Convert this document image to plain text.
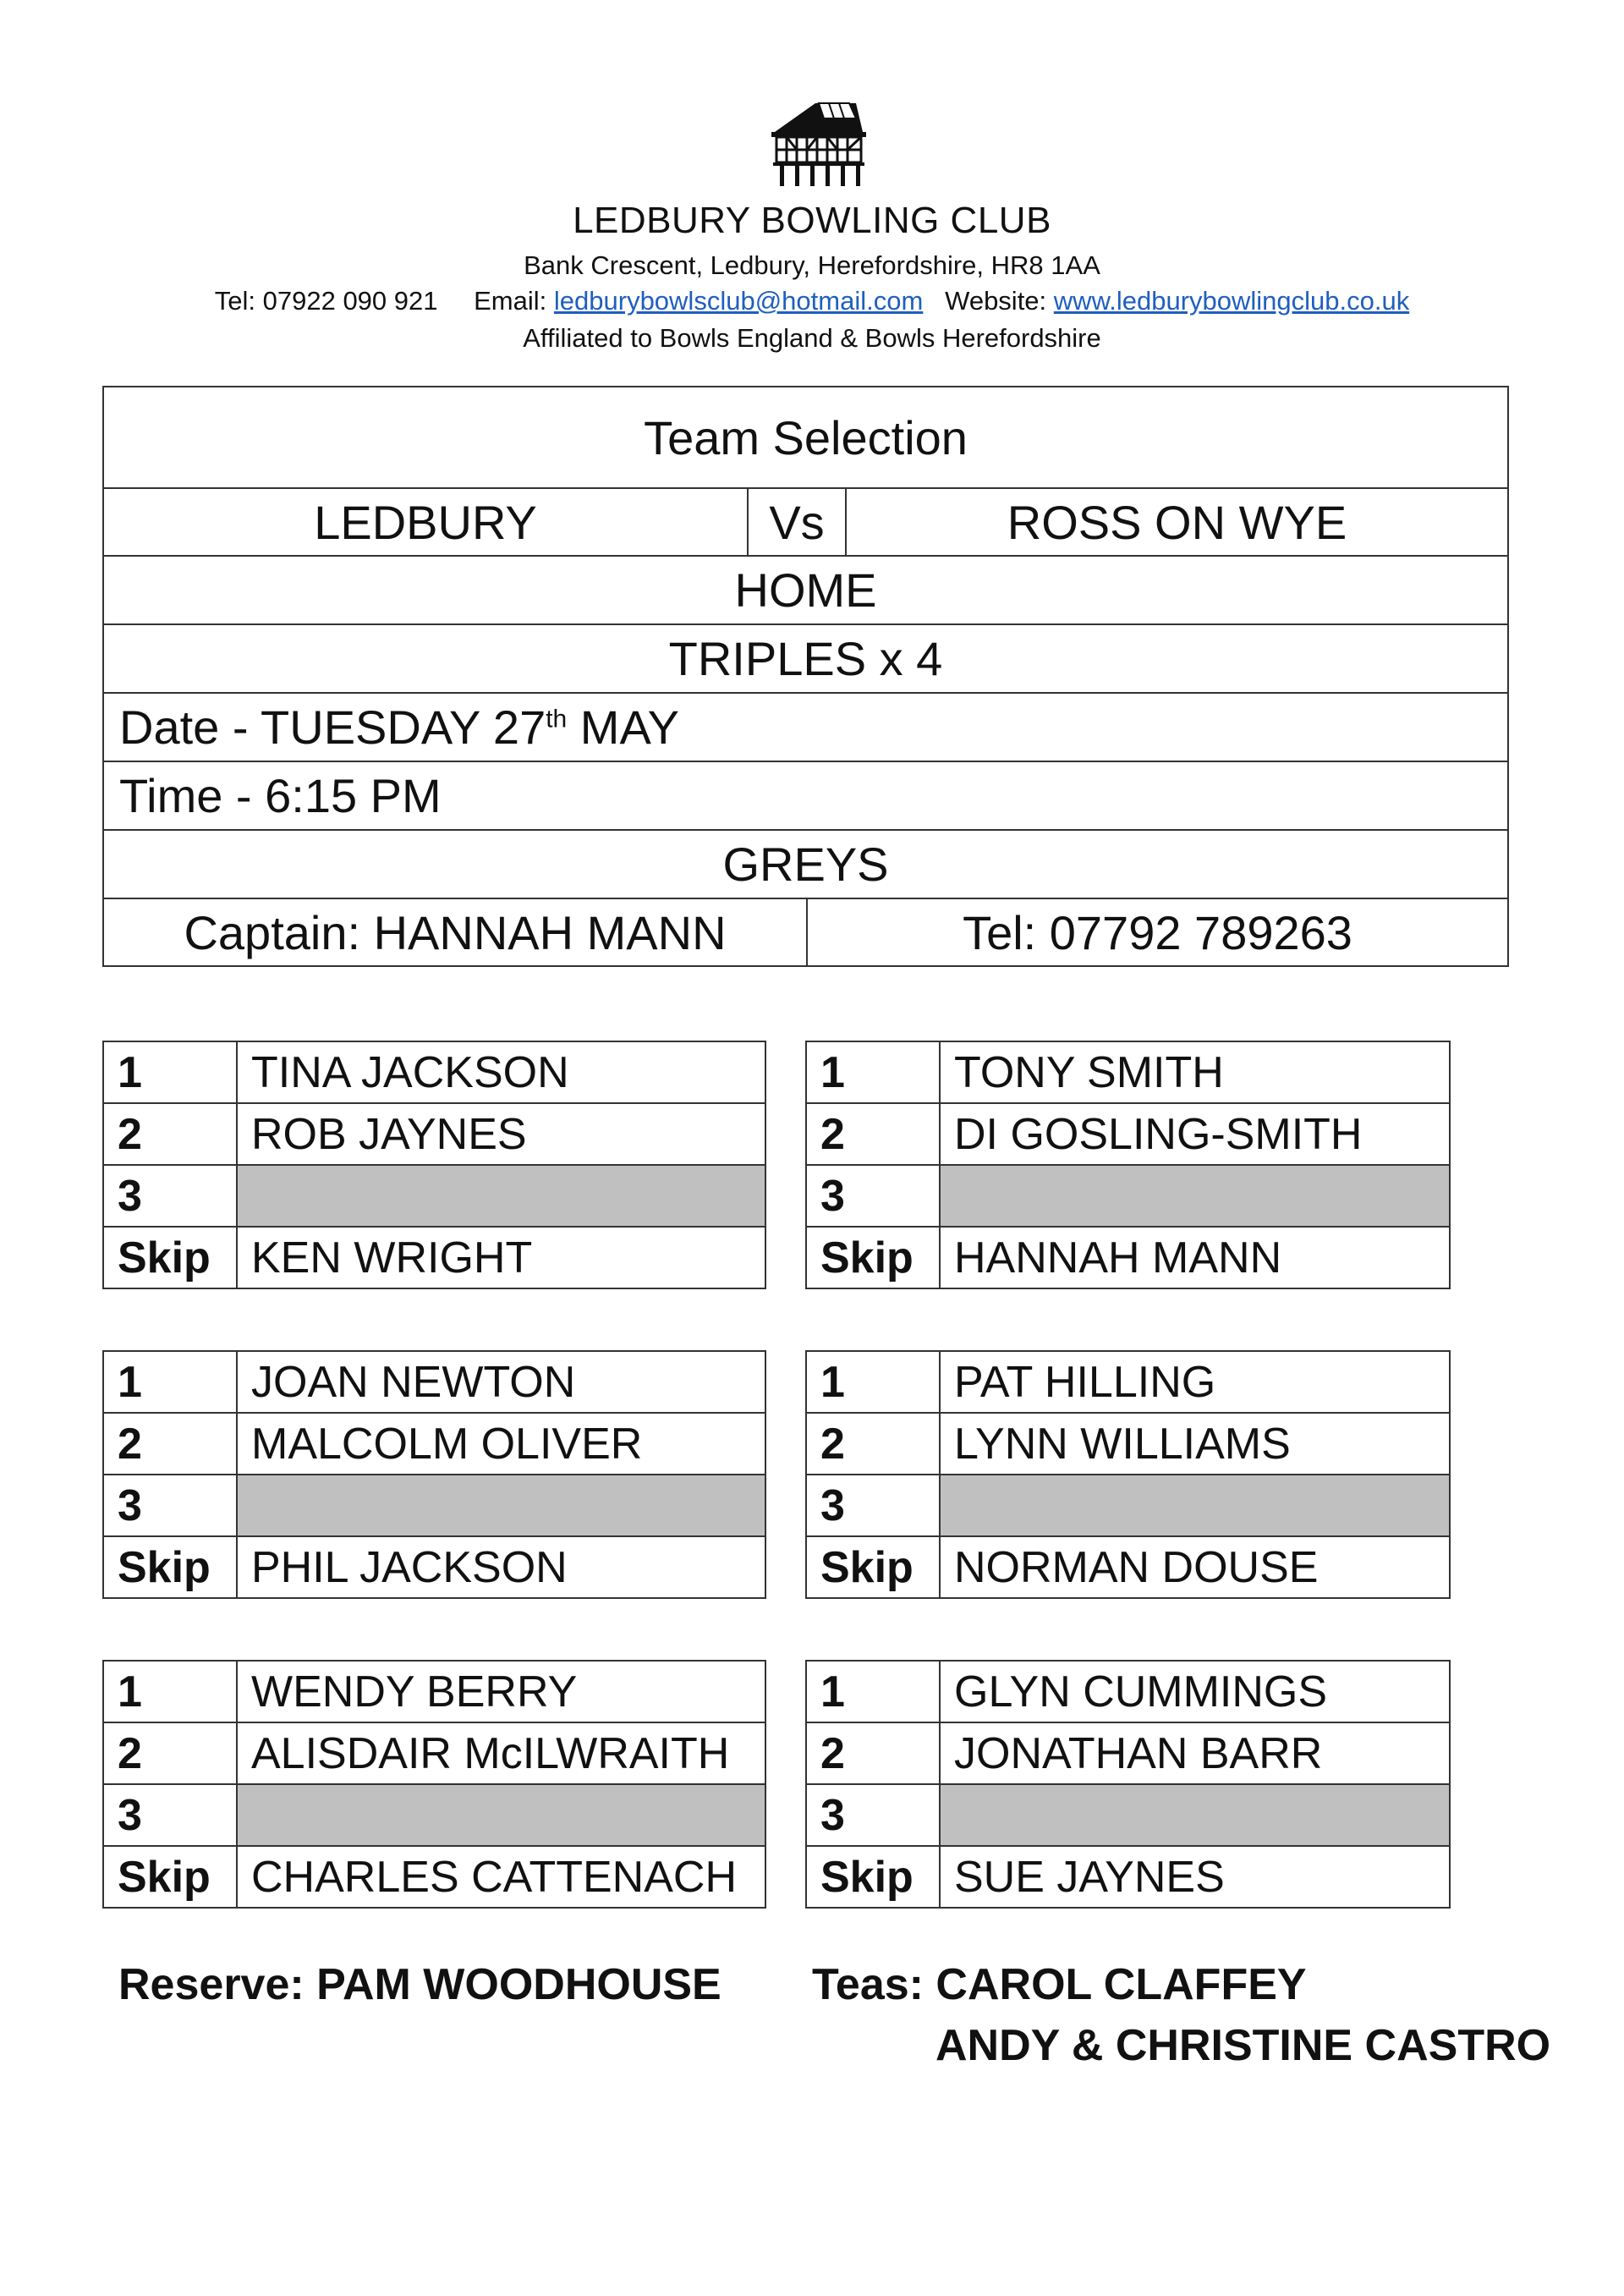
LEDBURY BOWLING CLUB
Bank Crescent, Ledbury, Herefordshire, HR8 1AA
Tel: 07922 090 921 Email: ledburybowlsclub@hotmail.com Website: www.ledburybowlingclub.co.uk
Affiliated to Bowls England & Bowls Herefordshire
Team Selection

LEDBURY	Vs	ROSS ON WYE

HOME
TRIPLES x 4
Date - TUESDAY 27th MAY
Time - 6:15 PM
GREYS

Captain: HANNAH MANN	Tel: 07792 789263
1	TINA JACKSON
2	ROB JAYNES
3	
Skip	KEN WRIGHT
1	TONY SMITH
2	DI GOSLING-SMITH
3	
Skip	HANNAH MANN
1	JOAN NEWTON
2	MALCOLM OLIVER
3	
Skip	PHIL JACKSON
1	PAT HILLING
2	LYNN WILLIAMS
3	
Skip	NORMAN DOUSE
1	WENDY BERRY
2	ALISDAIR McILWRAITH
3	
Skip	CHARLES CATTENACH
1	GLYN CUMMINGS
2	JONATHAN BARR
3	
Skip	SUE JAYNES
Reserve: PAM WOODHOUSE Teas: CAROL CLAFFEY
ANDY & CHRISTINE CASTRO
